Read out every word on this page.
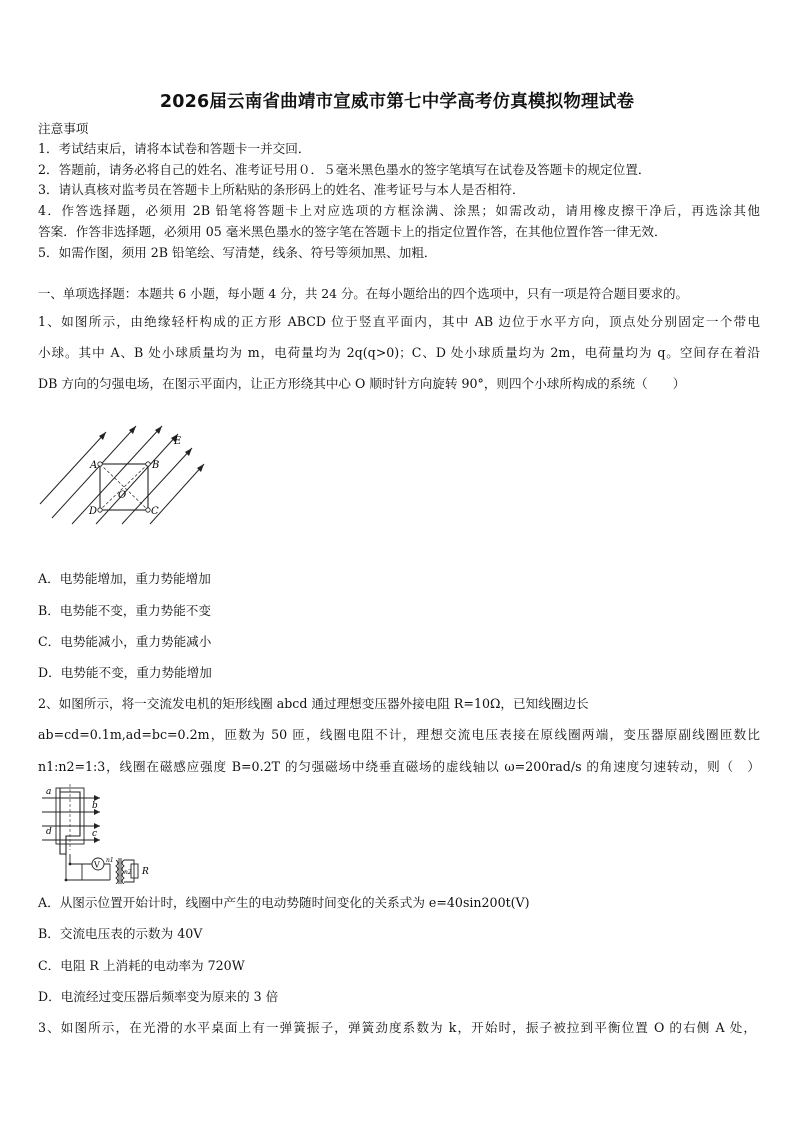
2026届云南省曲靖市宣威市第七中学高考仿真模拟物理试卷
注意事项
1．考试结束后，请将本试卷和答题卡一并交回．
2．答题前，请务必将自己的姓名、准考证号用０．５毫米黑色墨水的签字笔填写在试卷及答题卡的规定位置．
3．请认真核对监考员在答题卡上所粘贴的条形码上的姓名、准考证号与本人是否相符．
4．作答选择题，必须用 2B 铅笔将答题卡上对应选项的方框涂满、涂黑；如需改动，请用橡皮擦干净后，再选涂其他
答案．作答非选择题，必须用 05 毫米黑色墨水的签字笔在答题卡上的指定位置作答，在其他位置作答一律无效．
5．如需作图，须用 2B 铅笔绘、写清楚，线条、符号等须加黑、加粗．
一、单项选择题：本题共 6 小题，每小题 4 分，共 24 分。在每小题给出的四个选项中，只有一项是符合题目要求的。
1、如图所示，由绝缘轻杆构成的正方形 ABCD 位于竖直平面内，其中 AB 边位于水平方向，顶点处分别固定一个带电
小球。其中 A、B 处小球质量均为 m，电荷量均为 2q(q>0)；C、D 处小球质量均为 2m，电荷量均为 q。空间存在着沿
DB 方向的匀强电场，在图示平面内，让正方形绕其中心 O 顺时针方向旋转 90°，则四个小球所构成的系统（　　）
A	B
C
D
O
E
A．电势能增加，重力势能增加
B．电势能不变，重力势能不变
C．电势能减小，重力势能减小
D．电势能不变，重力势能增加
2、如图所示，将一交流发电机的矩形线圈 abcd 通过理想变压器外接电阻 R=10Ω，已知线圈边长
ab=cd=0.1m,ad=bc=0.2m，匝数为 50 匝，线圈电阻不计，理想交流电压表接在原线圈两端，变压器原副线圈匝数比
n1:n2=1:3，线圈在磁感应强度 B=0.2T 的匀强磁场中绕垂直磁场的虚线轴以 ω=200rad/s 的角速度匀速转动，则（　）
V n1
n2 R
a
b
c
d
A．从图示位置开始计时，线圈中产生的电动势随时间变化的关系式为 e=40sin200t(V)
B．交流电压表的示数为 40V
C．电阻 R 上消耗的电动率为 720W
D．电流经过变压器后频率变为原来的 3 倍
3、如图所示，在光滑的水平桌面上有一弹簧振子，弹簧劲度系数为 k，开始时，振子被拉到平衡位置 O 的右侧 A 处，
